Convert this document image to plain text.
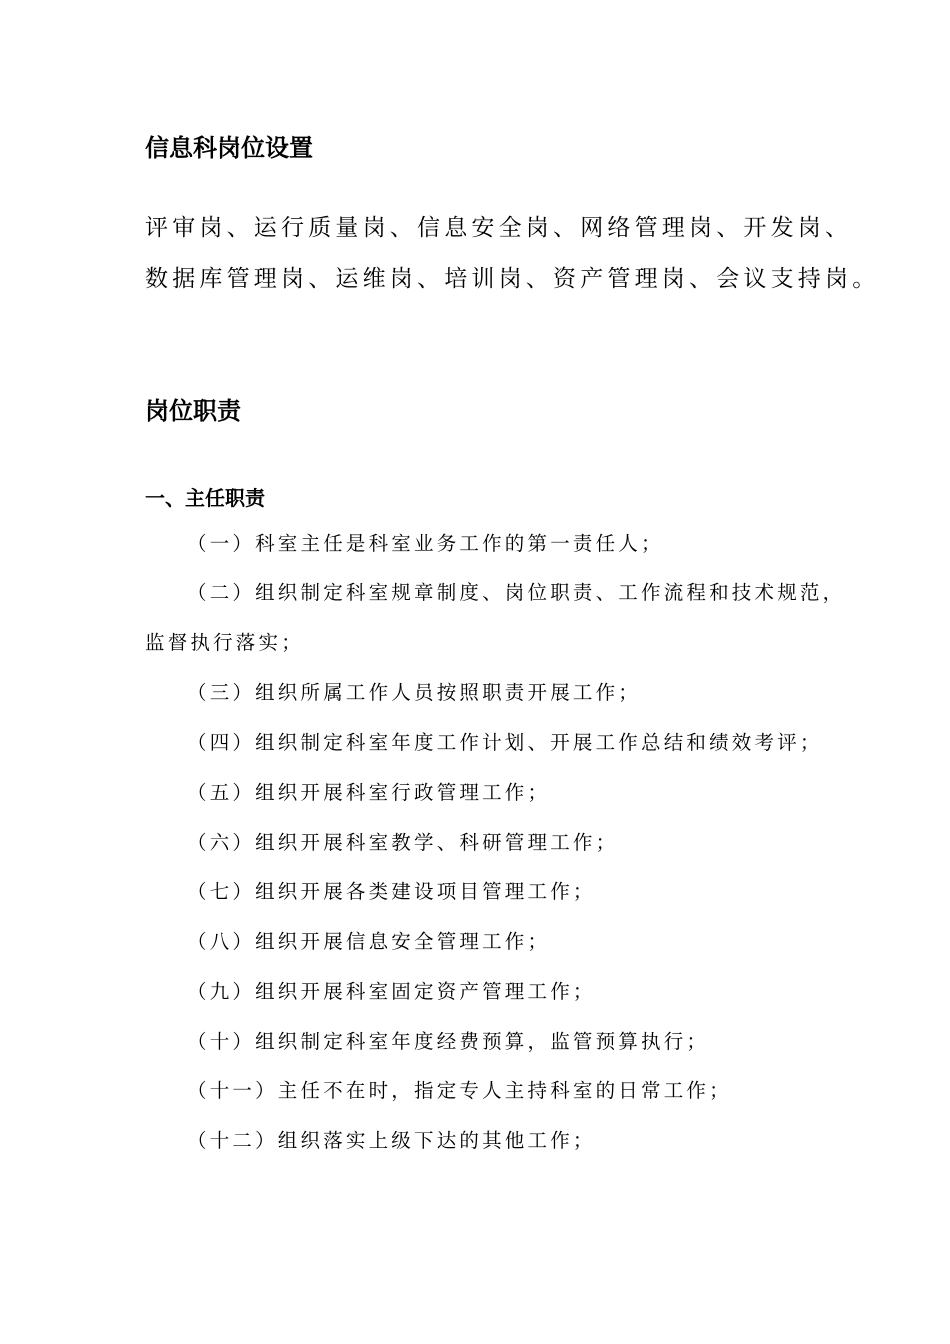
信息科岗位设置
评审岗、运行质量岗、信息安全岗、网络管理岗、开发岗、
数据库管理岗、运维岗、培训岗、资产管理岗、会议支持岗。
岗位职责
一、主任职责
（一）科室主任是科室业务工作的第一责任人；
（二）组织制定科室规章制度、岗位职责、工作流程和技术规范，
监督执行落实；
（三）组织所属工作人员按照职责开展工作；
（四）组织制定科室年度工作计划、开展工作总结和绩效考评；
（五）组织开展科室行政管理工作；
（六）组织开展科室教学、科研管理工作；
（七）组织开展各类建设项目管理工作；
（八）组织开展信息安全管理工作；
（九）组织开展科室固定资产管理工作；
（十）组织制定科室年度经费预算，监管预算执行；
（十一）主任不在时，指定专人主持科室的日常工作；
（十二）组织落实上级下达的其他工作；
